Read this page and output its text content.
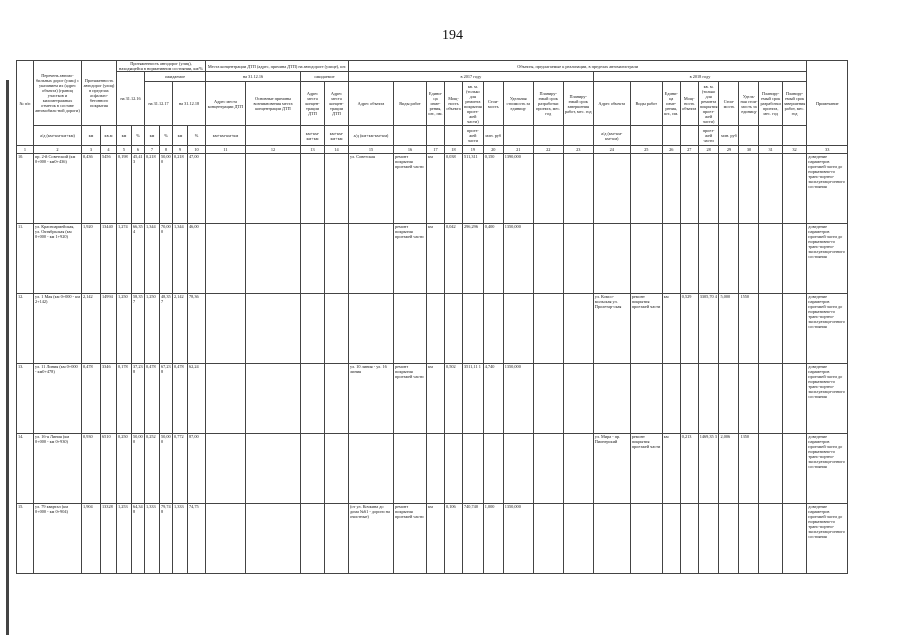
194
№ п/п	Перечень автомо-бильных дорог (улиц) с указанием их (адрес объекта) (границ участков и километражных отметок в составе автомобиль-ной дороги)	Протяженность автодорог (улиц) в пределах асфальто-бетонного покрытия		Протяженность автодорог (улиц), находящейся в нормативном состоянии, км/%						Места концентрации ДТП (адрес, причина ДТП) на автодороге (улице), шт.				Объекты, предлагаемые к реализации, в пределах автомагистрали																		Примечание
				на 31.12.16		ожидаемое				на 31.12.16		ожидаемое		в 2017 году									в 2018 году									
						на 31.12.17		на 31.12.18		Адрес места концентрации ДТП	Основные причины возникновения места концентрации ДТП	Адрес места концен-трации ДТП	Адрес места концен-трации ДТП	Адрес объекта	Виды работ	Едини-ца изме-рения, шт., пм.	Мощ-ность объекта	кв. м. (только для ремонта покрытия проез-жей части)	Стои-мость	Удельная стоимость за единицу	Планиру-емый срок разработки проекта, мес. год	Планиру-емый срок завершения работ, мес. год	Адрес объекта	Виды работ	Едини-ца изме-рения, шт., пм.	Мощ-ность объекта	кв. м. (только для ремонта покрытия проез-жей части)	Стои-мость	Удель-ная стои-мость за единицу	Планиру-емый срок разработки проекта, мес. год	Планиру-емый срок завершения работ, мес. год	
	а/д (км+км-км+км)	км	кв.м	км	%	км	%	км	%	км+км-км+км		км+км-км+км	км+км-км+км	а/д (км+км-км+км)				проез-жей части	млн. руб				а/д (км+км-км+км)				проез-жей части	млн. руб				
1	2	3	4	5	6	7	8	9	10	11	12	13	14	15	16	17	18	19	20	21	22	23	24	25	26	27	28	29	30	31	32	33
10.	пр. 2-й Советский (км 0+000 - км0+436)	0,436	5456	0,198	45,41 3	0,218	50,00 0	0,218	47,00					ул. Советская	ремонт покрытия проезжей части	км	0,038	511,311	0,150	1390,000												доведение параметров проезжей части до нормативно-го транс-портно-эксплуатаци-онного состояния
11.	ул. Красноармейская, ул. Октябрьская (км 0+000 - км 1+920)	1,920	13440	1,274	66,35 4	1,344	70,00 0	1,344	46,00						ремонт покрытия проезжей части	км	0,042	296,296	0,400	1350,000												доведение параметров проезжей части до нормативно-го транс-портно-эксплуатаци-онного состояния
12.	ул. 1 Мая (км 0+000 - км 2+142)	2,142	14994	1,250	58,35 7	1,250	48,35 7	2,142	78,36														ул. Комсо-мольская ул. Пролетар-ская	ремонт покрытия проезжей части	км	0,529	3305,70 4	5,000	1550			доведение параметров проезжей части до нормативно-го транс-портно-эксплуатаци-онного состояния
13.	ул. 11 Линия (км 0+000 - км0+478)	0,478	3346	0,178	37,23 8	0,478	67,23 8	0,478	62,24					ул. 10 линия - ул. 16 линия	ремонт покрытия проезжей части	км	0,502	3511,11 1	4,740	1350,000												доведение параметров проезжей части до нормативно-го транс-портно-эксплуатаци-онного состояния
14.	ул. 16-я Линия (км 0+000 - км 0+930)	0,930	6510	0,250	50,00 0	0,252	50,00 0	0,772	87,00														ул. Мира - пр. Пионерский	ремонт покрытия проезжей части	км	0,213	1469,35 3	2,006	1350			доведение параметров проезжей части до нормативно-го транс-портно-эксплуатаци-онного состояния
15.	ул. 79 квартал (км 0+000 - км 0+904)	1,904	13328	1,253	64,34 8	1,333	79,74 8	1,333	74,75					(от ул. Кочкина до дома №61 - дороги на очистные)	ремонт покрытия проезжей части	км	0,106	740,740	1,000	1350,000												доведение параметров проезжей части до нормативно-го транс-портно-эксплуатаци-онного состояния
